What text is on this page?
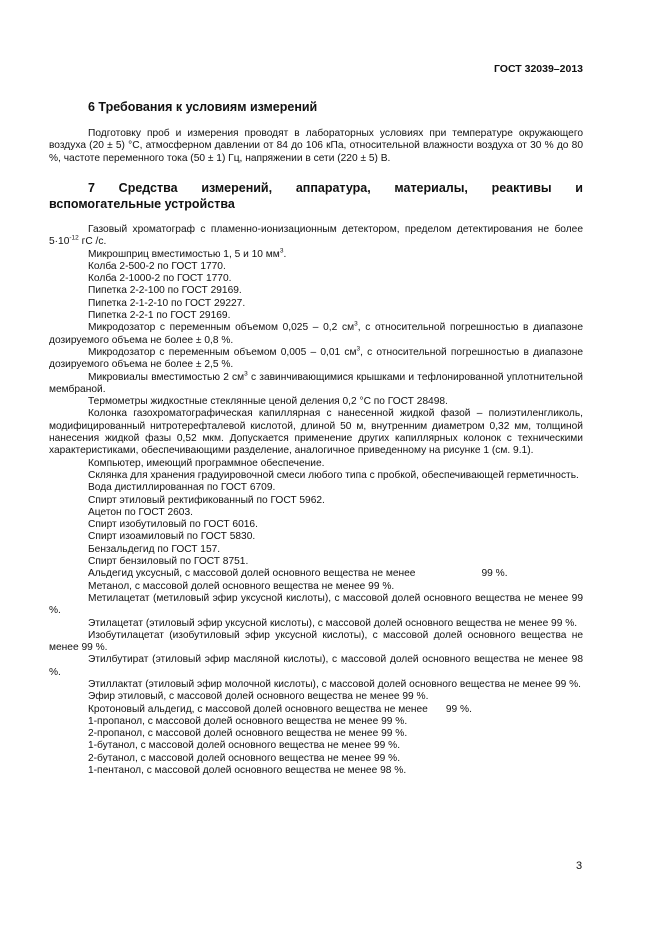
ГОСТ 32039–2013
6 Требования к условиям измерений

Подготовку проб и измерения проводят в лабораторных условиях при температуре окружающего воздуха (20 ± 5) °С, атмосферном давлении от 84 до 106 кПа, относительной влажности воздуха от 30 % до 80 %, частоте переменного тока (50 ± 1) Гц, напряжении в сети (220 ± 5) В.

7 Средства измерений, аппаратура, материалы, реактивы и
вспомогательные устройства

Газовый хроматограф с пламенно-ионизационным детектором, пределом детектирования не более $5\cdot 10^{-12}$ гС /с.

Микрошприц вместимостью 1, 5 и 10 $мм^3$.

Колба 2-500-2 по ГОСТ 1770.

Колба 2-1000-2 по ГОСТ 1770.

Пипетка 2-2-100 по ГОСТ 29169.

Пипетка 2-1-2-10 по ГОСТ 29227.

Пипетка 2-2-1 по ГОСТ 29169.

Микродозатор с переменным объемом 0,025 – 0,2 $см^3$, с относительной погрешностью в диапазоне дозируемого объема не более ± 0,8 %.

Микродозатор с переменным объемом 0,005 – 0,01 $см^3$, с относительной погрешностью в диапазоне дозируемого объема не более ± 2,5 %.

Микровиалы вместимостью 2 $см^3$ с завинчивающимися крышками и тефлонированной уплотнительной мембраной.

Термометры жидкостные стеклянные ценой деления 0,2 °С по ГОСТ 28498.

Колонка газохроматографическая капиллярная с нанесенной жидкой фазой – полиэтиленгликоль, модифицированный нитротерефталевой кислотой, длиной 50 м, внутренним диаметром 0,32 мм, толщиной нанесения жидкой фазы 0,52 мкм. Допускается применение других капиллярных колонок с техническими характеристиками, обеспечивающими разделение, аналогичное приведенному на рисунке 1 (см. 9.1).

Компьютер, имеющий программное обеспечение.

Склянка для хранения градуировочной смеси любого типа с пробкой, обеспечивающей герметичность.

Вода дистиллированная по ГОСТ 6709.

Спирт этиловый ректификованный по ГОСТ 5962.

Ацетон по ГОСТ 2603.

Спирт изобутиловый по ГОСТ 6016.

Спирт изоамиловый по ГОСТ 5830.

Бензальдегид по ГОСТ 157.

Спирт бензиловый по ГОСТ 8751.

Альдегид уксусный, с массовой долей основного вещества не менее	99 %.

Метанол, с массовой долей основного вещества не менее 99 %.

Метилацетат (метиловый эфир уксусной кислоты), с массовой долей основного вещества не менее 99 %.

Этилацетат (этиловый эфир уксусной кислоты), с массовой долей основного вещества не менее 99 %.

Изобутилацетат (изобутиловый эфир уксусной кислоты), с массовой долей основного вещества не менее 99 %.

Этилбутират (этиловый эфир масляной кислоты), с массовой долей основного вещества не менее 98 %.

Этиллактат (этиловый эфир молочной кислоты), с массовой долей основного вещества не менее 99 %.

Эфир этиловый, с массовой долей основного вещества не менее 99 %.

Кротоновый альдегид, с массовой долей основного вещества не менее 99 %.

1-пропанол, с массовой долей основного вещества не менее 99 %.

2-пропанол, с массовой долей основного вещества не менее 99 %.

1-бутанол, с массовой долей основного вещества не менее 99 %.

2-бутанол, с массовой долей основного вещества не менее 99 %.

1-пентанол, с массовой долей основного вещества не менее 98 %.

3
